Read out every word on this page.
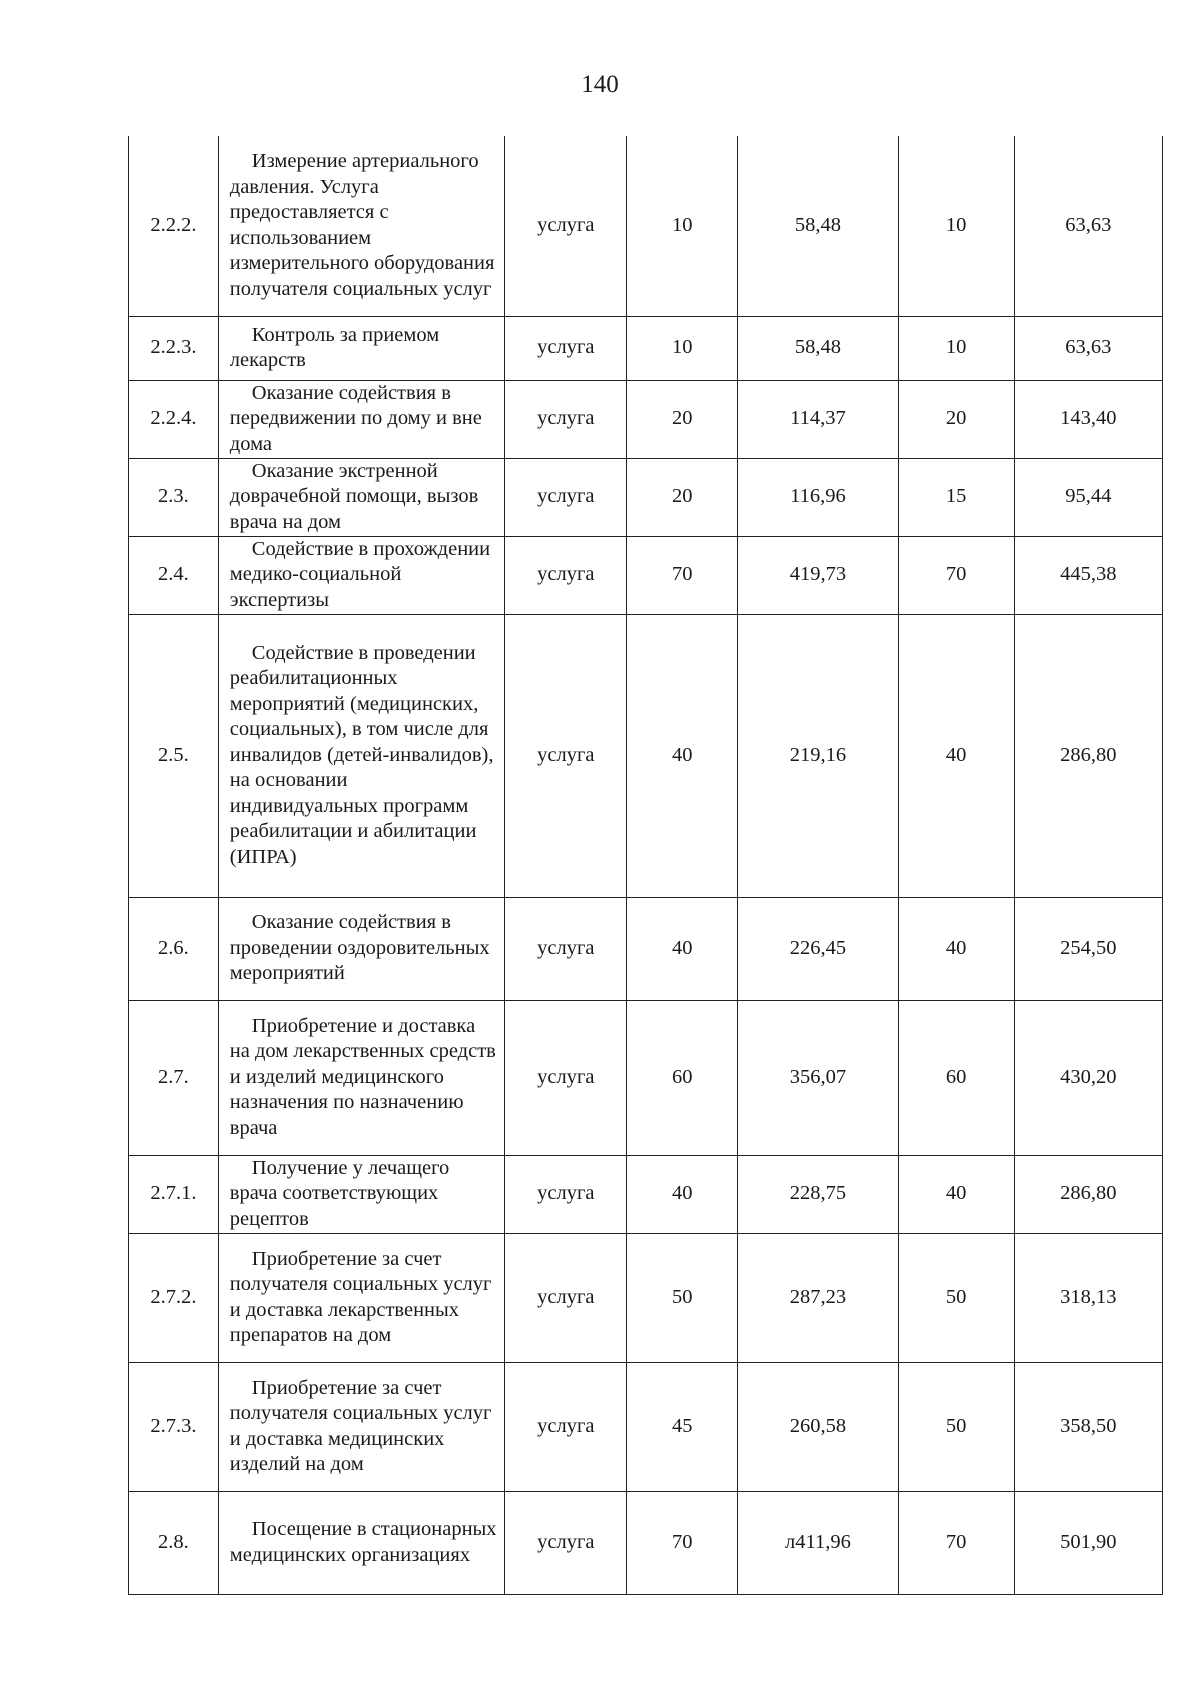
140
2.2.2.	Измерение артериального давления. Услуга предоставляется с использованием измерительного оборудования получателя социальных услуг	услуга	10	58,48	10	63,63
2.2.3.	Контроль за приемом лекарств	услуга	10	58,48	10	63,63
2.2.4.	Оказание содействия в передвижении по дому и вне дома	услуга	20	114,37	20	143,40
2.3.	Оказание экстренной доврачебной помощи, вызов врача на дом	услуга	20	116,96	15	95,44
2.4.	Содействие в прохождении медико-социальной экспертизы	услуга	70	419,73	70	445,38
2.5.	Содействие в проведении реабилитационных мероприятий (медицинских, социальных), в том числе для инвалидов (детей-инвалидов), на основании индивидуальных программ реабилитации и абилитации (ИПРА)	услуга	40	219,16	40	286,80
2.6.	Оказание содействия в проведении оздоровительных мероприятий	услуга	40	226,45	40	254,50
2.7.	Приобретение и доставка на дом лекарственных средств и изделий медицинского назначения по назначению врача	услуга	60	356,07	60	430,20
2.7.1.	Получение у лечащего врача соответствующих рецептов	услуга	40	228,75	40	286,80
2.7.2.	Приобретение за счет получателя социальных услуг и доставка лекарственных препаратов на дом	услуга	50	287,23	50	318,13
2.7.3.	Приобретение за счет получателя социальных услуг и доставка медицинских изделий на дом	услуга	45	260,58	50	358,50
2.8.	Посещение в стационарных медицинских организациях	услуга	70	л411,96	70	501,90
